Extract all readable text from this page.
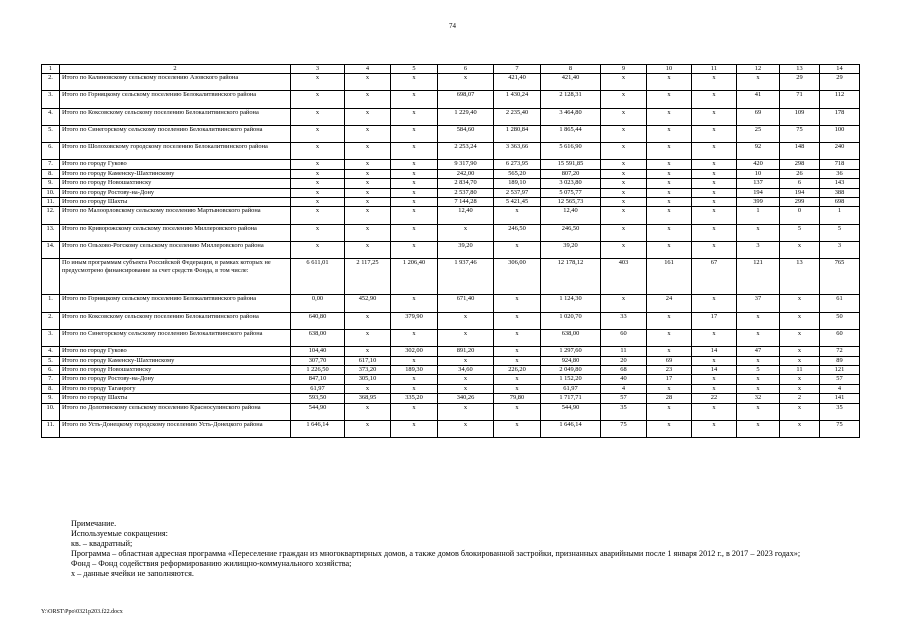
74
1	2	3	4	5	6	7	8	9	10	11	12	13	14
2.	Итого по Калиновскому сельскому поселению Азовского района	х	х	х	х	421,40	421,40	х	х	х	х	29	29
3.	Итого по Горняцкому сельскому поселению Белокалитвинского района	х	х	х	698,07	1 430,24	2 128,31	х	х	х	41	71	112
4.	Итого по Коксовскому сельскому поселению Белокалитвинского района	х	х	х	1 229,40	2 235,40	3 464,80	х	х	х	69	109	178
5.	Итого по Синегорскому сельскому поселению Белокалитвинского района	х	х	х	584,60	1 280,84	1 865,44	х	х	х	25	75	100
6.	Итого по Шолоховскому городскому поселению Белокалитвинского района	х	х	х	2 253,24	3 363,66	5 616,90	х	х	х	92	148	240
7.	Итого по городу Гуково	х	х	х	9 317,90	6 273,95	15 591,85	х	х	х	420	298	718
8.	Итого по городу Каменску-Шахтинскому	х	х	х	242,00	565,20	807,20	х	х	х	10	26	36
9.	Итого по городу Новошахтинску	х	х	х	2 834,70	189,10	3 023,80	х	х	х	137	6	143
10.	Итого по городу Ростову-на-Дону	х	х	х	2 537,80	2 537,97	5 075,77	х	х	х	194	194	388
11.	Итого по городу Шахты	х	х	х	7 144,28	5 421,45	12 565,73	х	х	х	399	299	698
12.	Итого по Малоорловскому сельскому поселению Мартыновского района	х	х	х	12,40	х	12,40	х	х	х	1	0	1
13.	Итого по Криворожскому сельскому поселению Миллеровского района	х	х	х	х	246,50	246,50	х	х	х	х	5	5
14.	Итого по Ольхово-Рогскому сельскому поселению Миллеровского района	х	х	х	39,20	х	39,20	х	х	х	3	х	3
	По иным программам субъекта Российской Федерации, в рамках которых не предусмотрено финансирование за счет средств Фонда, в том числе:	6 611,01	2 117,25	1 206,40	1 937,46	306,00	12 178,12	403	161	67	121	13	765
1.	Итого по Горняцкому сельскому поселению Белокалитвинского района	0,00	452,90	х	671,40	х	1 124,30	х	24	х	37	х	61
2.	Итого по Коксовскому сельскому поселению Белокалитвинского района	640,80	х	379,90	х	х	1 020,70	33	х	17	х	х	50
3.	Итого по Синегорскому сельскому поселению Белокалитвинского района	638,00	х	х	х	х	638,00	60	х	х	х	х	60
4.	Итого по городу Гуково	104,40	х	302,00	891,20	х	1 297,60	11	х	14	47	х	72
5.	Итого по городу Каменску-Шахтинскому	307,70	617,10	х	х	х	924,80	20	69	х	х	х	89
6.	Итого по городу Новошахтинску	1 226,50	373,20	189,30	34,60	226,20	2 049,80	68	23	14	5	11	121
7.	Итого по городу Ростову-на-Дону	847,10	305,10	х	х	х	1 152,20	40	17	х	х	х	57
8.	Итого по городу Таганрогу	61,97	х	х	х	х	61,97	4	х	х	х	х	4
9.	Итого по городу Шахты	593,50	368,95	335,20	340,26	79,80	1 717,71	57	28	22	32	2	141
10.	Итого по Долотинскому сельскому поселению Красносулинского района	544,90	х	х	х	х	544,90	35	х	х	х	х	35
11.	Итого по Усть-Донецкому городскому поселению Усть-Донецкого района	1 646,14	х	х	х	х	1 646,14	75	х	х	х	х	75
Примечание.
Используемые сокращения:
кв. – квадратный;
Программа – областная адресная программа «Переселение граждан из многоквартирных домов, а также домов блокированной застройки, признанных аварийными после 1 января 2012 г., в 2017 – 2023 годах»;
Фонд – Фонд содействия реформированию жилищно-коммунального хозяйства;
х – данные ячейки не заполняются.
Y:\ORST\Ppo\0321p203.f22.docx
